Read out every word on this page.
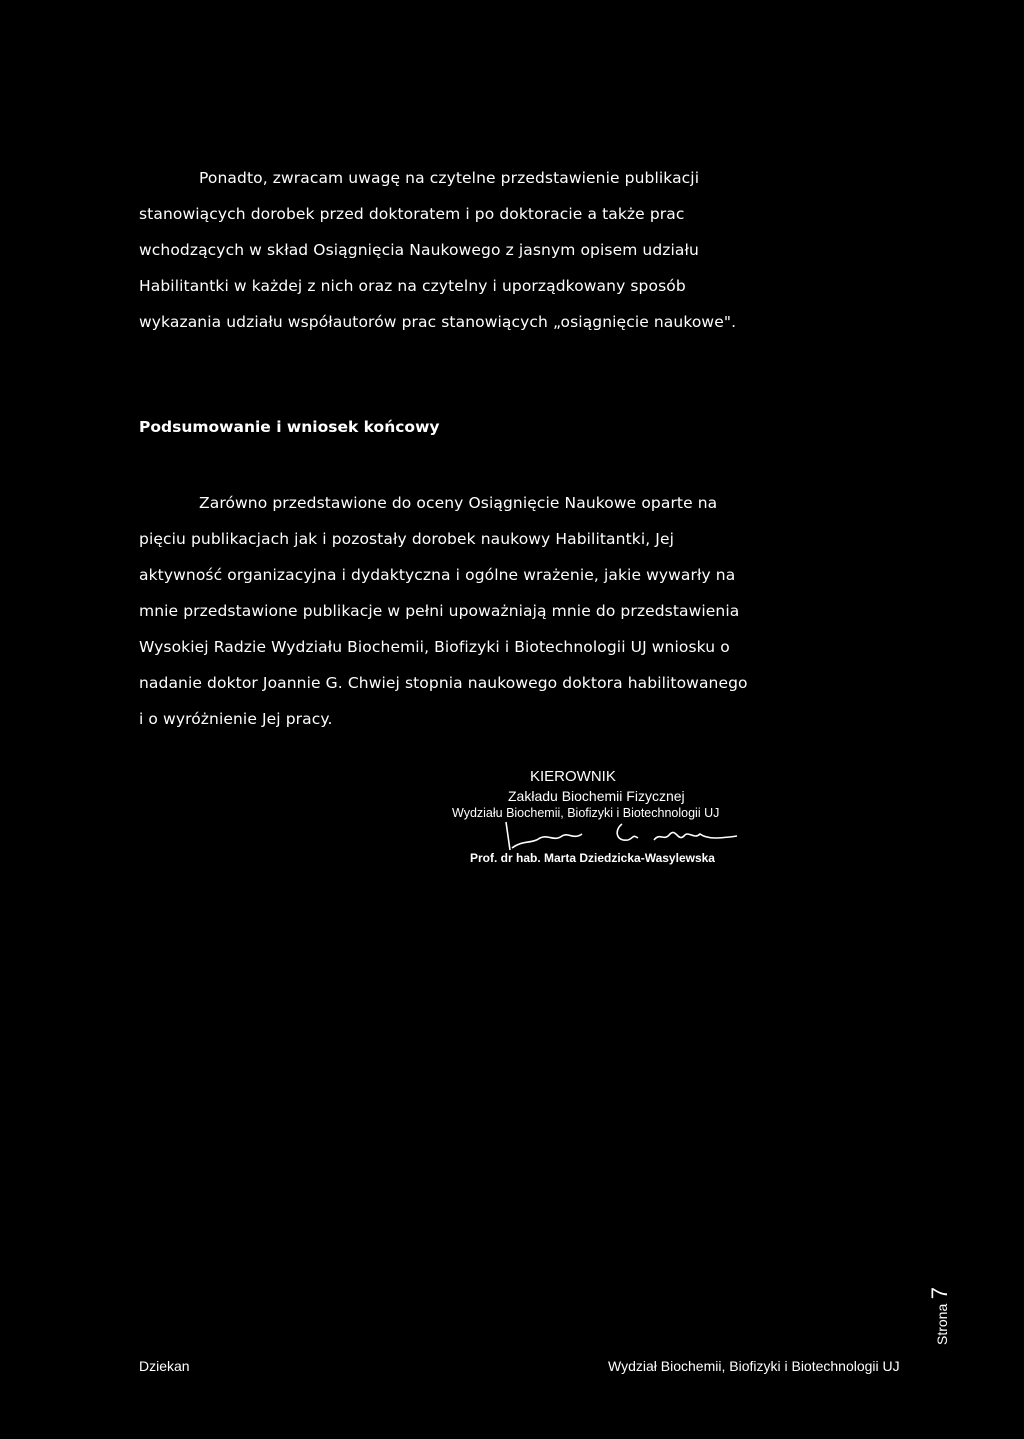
Ponadto, zwracam uwagę na czytelne przedstawienie publikacji
stanowiących dorobek przed doktoratem i po doktoracie a także prac
wchodzących w skład Osiągnięcia Naukowego z jasnym opisem udziału
Habilitantki w każdej z nich oraz na czytelny i uporządkowany sposób
wykazania udziału współautorów prac stanowiących „osiągnięcie naukowe".
Podsumowanie i wniosek końcowy
Zarówno przedstawione do oceny Osiągnięcie Naukowe oparte na
pięciu publikacjach jak i pozostały dorobek naukowy Habilitantki, Jej
aktywność organizacyjna i dydaktyczna i ogólne wrażenie, jakie wywarły na
mnie przedstawione publikacje w pełni upoważniają mnie do przedstawienia
Wysokiej Radzie Wydziału Biochemii, Biofizyki i Biotechnologii UJ wniosku o
nadanie doktor Joannie G. Chwiej stopnia naukowego doktora habilitowanego
i o wyróżnienie Jej pracy.
KIEROWNIK
Zakładu Biochemii Fizycznej
Wydziału Biochemii, Biofizyki i Biotechnologii UJ
Prof. dr hab. Marta Dziedzicka-Wasylewska
Strona 7
Dziekan	Wydział Biochemii, Biofizyki i Biotechnologii UJ
